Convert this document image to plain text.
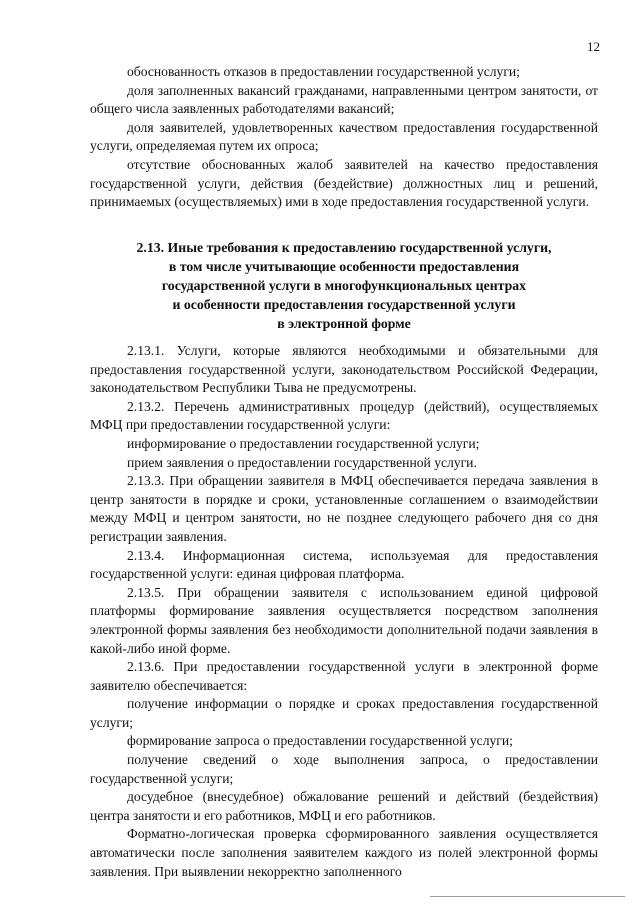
12

обоснованность отказов в предоставлении государственной услуги;

доля заполненных вакансий гражданами, направленными центром занятости, от общего числа заявленных работодателями вакансий;

доля заявителей, удовлетворенных качеством предоставления государственной услуги, определяемая путем их опроса;

отсутствие обоснованных жалоб заявителей на качество предоставления государственной услуги, действия (бездействие) должностных лиц и решений, принимаемых (осуществляемых) ими в ходе предоставления государственной услуги.

2.13. Иные требования к предоставлению государственной услуги,
в том числе учитывающие особенности предоставления
государственной услуги в многофункциональных центрах
и особенности предоставления государственной услуги
в электронной форме

2.13.1. Услуги, которые являются необходимыми и обязательными для предоставления государственной услуги, законодательством Российской Федерации, законодательством Республики Тыва не предусмотрены.

2.13.2. Перечень административных процедур (действий), осуществляемых МФЦ при предоставлении государственной услуги:

информирование о предоставлении государственной услуги;

прием заявления о предоставлении государственной услуги.

2.13.3. При обращении заявителя в МФЦ обеспечивается передача заявления в центр занятости в порядке и сроки, установленные соглашением о взаимодействии между МФЦ и центром занятости, но не позднее следующего рабочего дня со дня регистрации заявления.

2.13.4. Информационная система, используемая для предоставления государственной услуги: единая цифровая платформа.

2.13.5. При обращении заявителя с использованием единой цифровой платформы формирование заявления осуществляется посредством заполнения электронной формы заявления без необходимости дополнительной подачи заявления в какой-либо иной форме.

2.13.6. При предоставлении государственной услуги в электронной форме заявителю обеспечивается:

получение информации о порядке и сроках предоставления государственной услуги;

формирование запроса о предоставлении государственной услуги;

получение сведений о ходе выполнения запроса, о предоставлении государственной услуги;

досудебное (внесудебное) обжалование решений и действий (бездействия) центра занятости и его работников, МФЦ и его работников.

Форматно-логическая проверка сформированного заявления осуществляется автоматически после заполнения заявителем каждого из полей электронной формы заявления. При выявлении некорректно заполненного
